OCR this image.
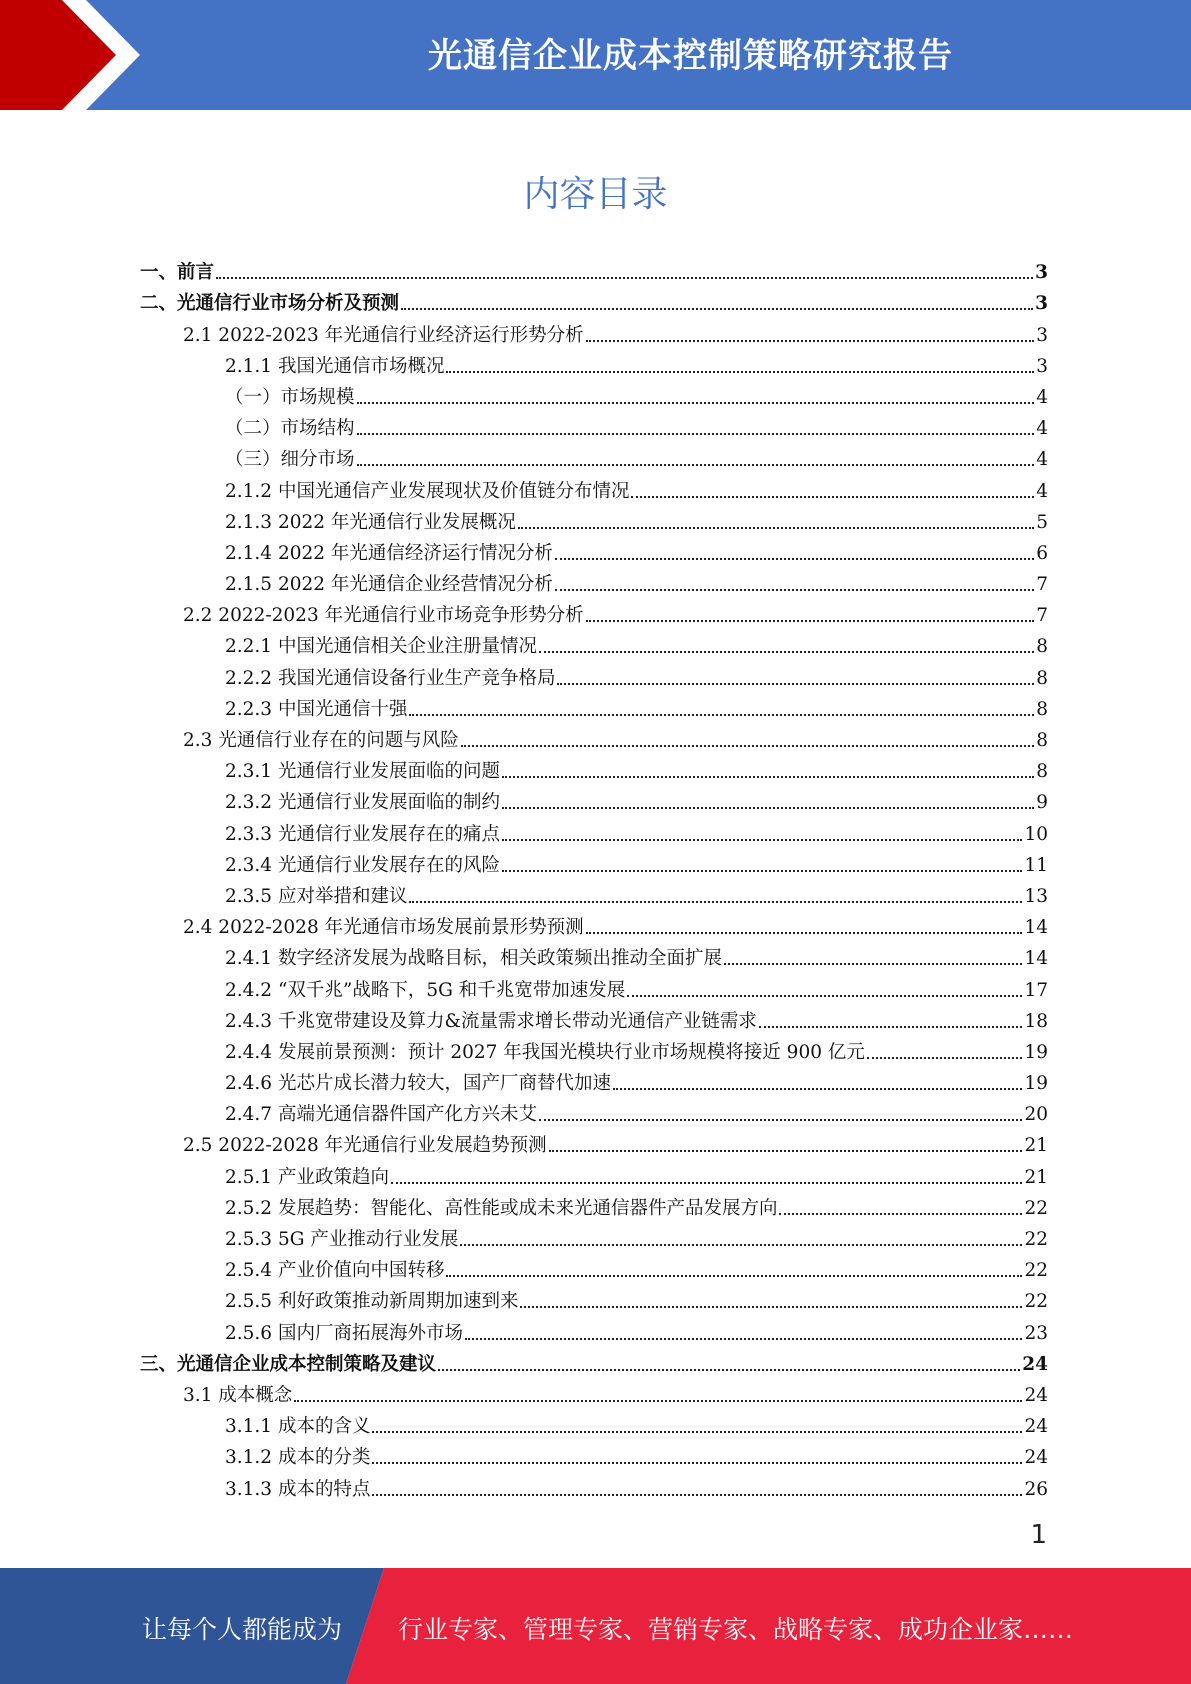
光通信企业成本控制策略研究报告
内容目录
一、前言	3
二、光通信行业市场分析及预测	3
2.1 2022-2023 年光通信行业经济运行形势分析	3
2.1.1 我国光通信市场概况	3
（一）市场规模	4
（二）市场结构	4
（三）细分市场	4
2.1.2 中国光通信产业发展现状及价值链分布情况	4
2.1.3 2022 年光通信行业发展概况	5
2.1.4 2022 年光通信经济运行情况分析	6
2.1.5 2022 年光通信企业经营情况分析	7
2.2 2022-2023 年光通信行业市场竞争形势分析	7
2.2.1 中国光通信相关企业注册量情况	8
2.2.2 我国光通信设备行业生产竞争格局	8
2.2.3 中国光通信十强	8
2.3 光通信行业存在的问题与风险	8
2.3.1 光通信行业发展面临的问题	8
2.3.2 光通信行业发展面临的制约	9
2.3.3 光通信行业发展存在的痛点	10
2.3.4 光通信行业发展存在的风险	11
2.3.5 应对举措和建议	13
2.4 2022-2028 年光通信市场发展前景形势预测	14
2.4.1 数字经济发展为战略目标，相关政策频出推动全面扩展	14
2.4.2 “双千兆”战略下，5G 和千兆宽带加速发展	17
2.4.3 千兆宽带建设及算力&流量需求增长带动光通信产业链需求	18
2.4.4 发展前景预测：预计 2027 年我国光模块行业市场规模将接近 900 亿元	19
2.4.6 光芯片成长潜力较大，国产厂商替代加速	19
2.4.7 高端光通信器件国产化方兴未艾	20
2.5 2022-2028 年光通信行业发展趋势预测	21
2.5.1 产业政策趋向	21
2.5.2 发展趋势：智能化、高性能或成未来光通信器件产品发展方向	22
2.5.3 5G 产业推动行业发展	22
2.5.4 产业价值向中国转移	22
2.5.5 利好政策推动新周期加速到来	22
2.5.6 国内厂商拓展海外市场	23
三、光通信企业成本控制策略及建议	24
3.1 成本概念	24
3.1.1 成本的含义	24
3.1.2 成本的分类	24
3.1.3 成本的特点	26
1
让每个人都能成为 行业专家、管理专家、营销专家、战略专家、成功企业家……
